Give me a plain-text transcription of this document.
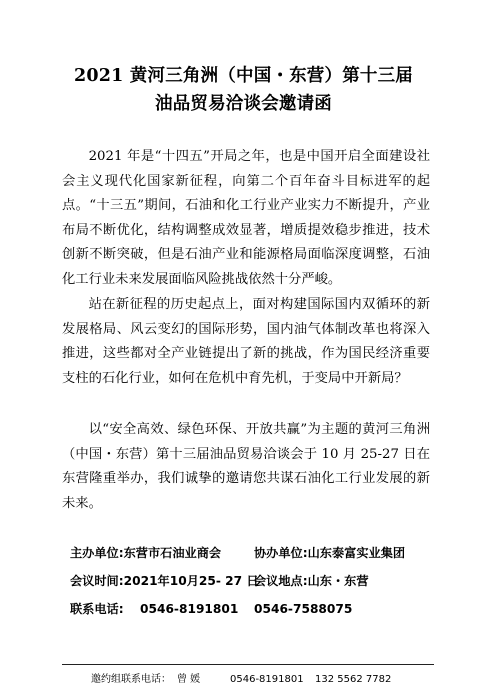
2021 黄河三角洲（中国・东营）第十三届
油品贸易洽谈会邀请函

2021 年是“十四五”开局之年，也是中国开启全面建设社会主义现代化国家新征程，向第二个百年奋斗目标进军的起点。“十三五”期间，石油和化工行业产业实力不断提升，产业布局不断优化，结构调整成效显著，增质提效稳步推进，技术创新不断突破，但是石油产业和能源格局面临深度调整，石油化工行业未来发展面临风险挑战依然十分严峻。

站在新征程的历史起点上，面对构建国际国内双循环的新发展格局、风云变幻的国际形势，国内油气体制改革也将深入推进，这些都对全产业链提出了新的挑战，作为国民经济重要支柱的石化行业，如何在危机中育先机，于变局中开新局？

以“安全高效、绿色环保、开放共赢”为主题的黄河三角洲（中国・东营）第十三届油品贸易洽谈会于 10 月 25-27 日在东营隆重举办，我们诚挚的邀请您共谋石油化工行业发展的新未来。

主办单位:东营市石油业商会	协办单位:山东泰富实业集团
会议时间:2021年10月25- 27 日
会议地点:山东・东营
联系电话: 0546-8191801 0546-7588075
邀约组联系电话： 曾 媛	0546-8191801 132 5562 7782
